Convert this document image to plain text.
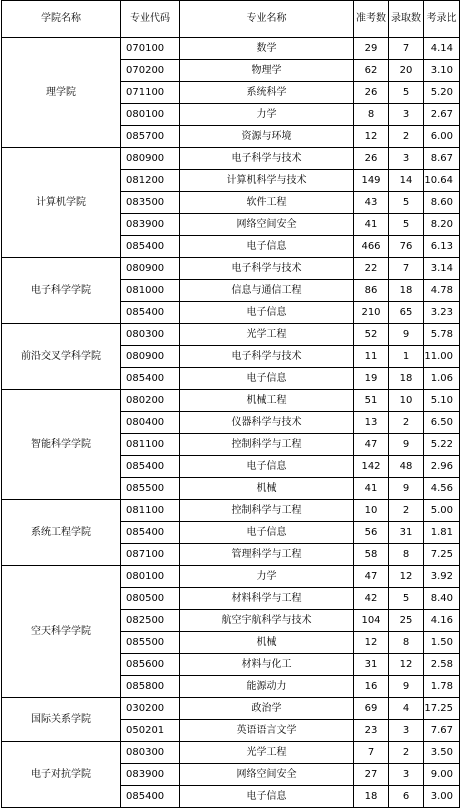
学院名称	专业代码	专业名称	准考数	录取数	考录比
理学院	070100	数学	29	7	4.14
	070200	物理学	62	20	3.10
	071100	系统科学	26	5	5.20
	080100	力学	8	3	2.67
	085700	资源与环境	12	2	6.00
计算机学院	080900	电子科学与技术	26	3	8.67
	081200	计算机科学与技术	149	14	10.64
	083500	软件工程	43	5	8.60
	083900	网络空间安全	41	5	8.20
	085400	电子信息	466	76	6.13
电子科学学院	080900	电子科学与技术	22	7	3.14
	081000	信息与通信工程	86	18	4.78
	085400	电子信息	210	65	3.23
前沿交叉学科学院	080300	光学工程	52	9	5.78
	080900	电子科学与技术	11	1	11.00
	085400	电子信息	19	18	1.06
智能科学学院	080200	机械工程	51	10	5.10
	080400	仪器科学与技术	13	2	6.50
	081100	控制科学与工程	47	9	5.22
	085400	电子信息	142	48	2.96
	085500	机械	41	9	4.56
系统工程学院	081100	控制科学与工程	10	2	5.00
	085400	电子信息	56	31	1.81
	087100	管理科学与工程	58	8	7.25
空天科学学院	080100	力学	47	12	3.92
	080500	材料科学与工程	42	5	8.40
	082500	航空宇航科学与技术	104	25	4.16
	085500	机械	12	8	1.50
	085600	材料与化工	31	12	2.58
	085800	能源动力	16	9	1.78
国际关系学院	030200	政治学	69	4	17.25
	050201	英语语言文学	23	3	7.67
电子对抗学院	080300	光学工程	7	2	3.50
	083900	网络空间安全	27	3	9.00
	085400	电子信息	18	6	3.00
